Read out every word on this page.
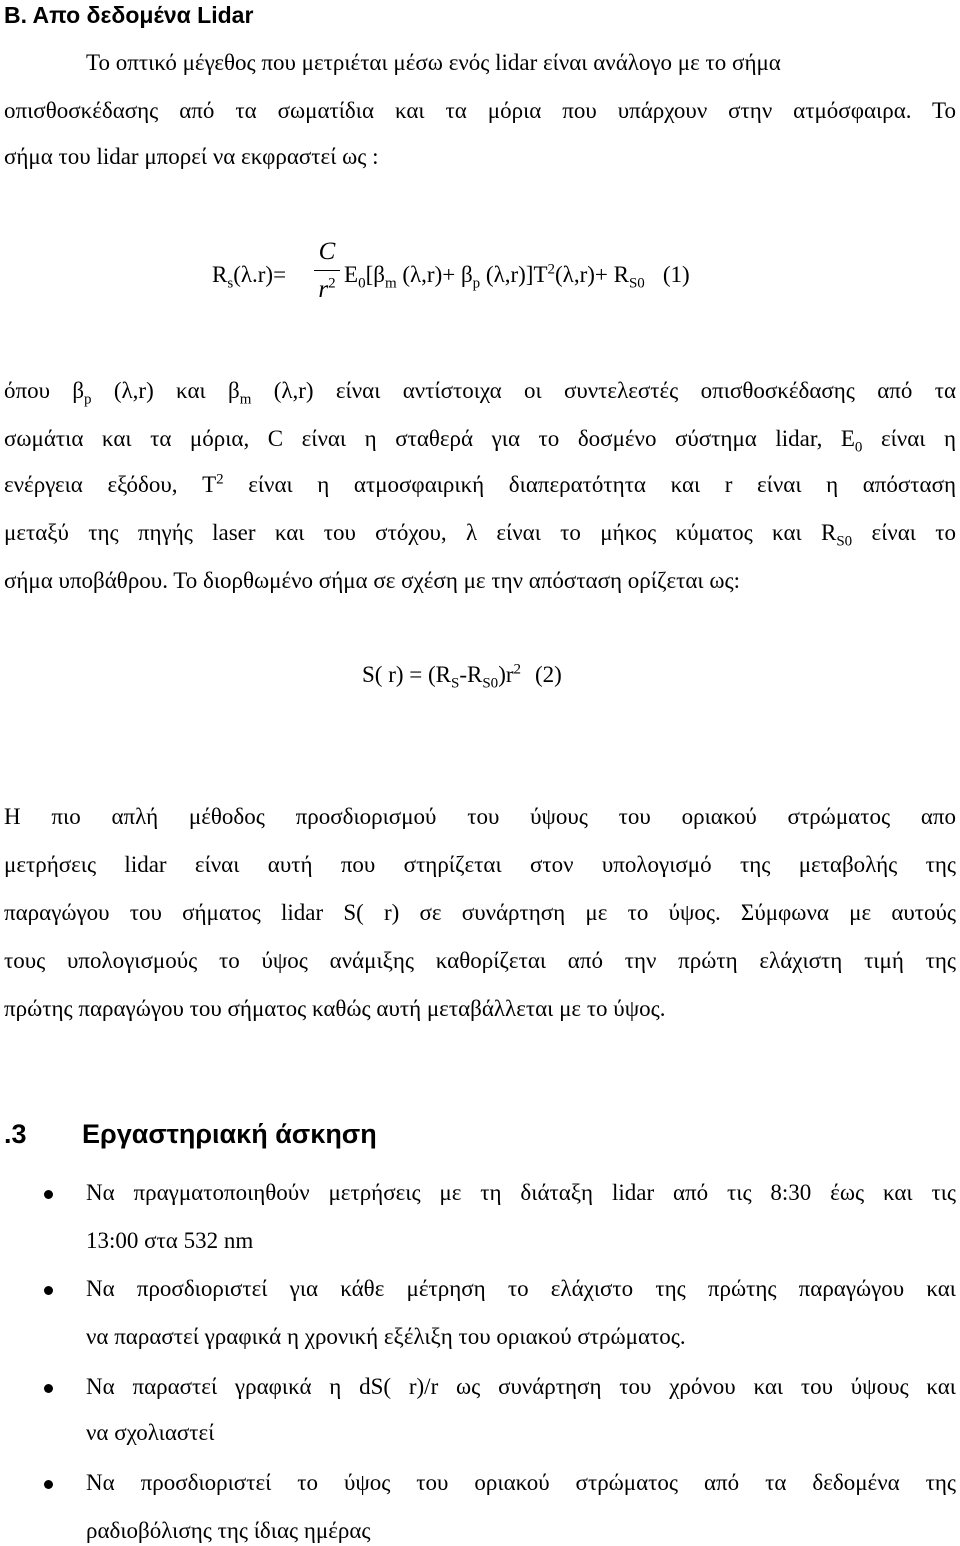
Β. Απο δεδομένα Lidar
Το οπτικό μέγεθος που μετριέται μέσω ενός lidar είναι ανάλογο με το σήμα
οπισθοσκέδασης από τα σωματίδια και τα μόρια που υπάρχουν στην ατμόσφαιρα. Το
σήμα του lidar μπορεί να εκφραστεί ως :
$R_s(\lambda.r)=$
C
$r^2$ $E_0[\beta_m$ $(\lambda,r)+ \beta_p$ $(\lambda,r)]T^2(\lambda,r)+ R_{S0}$ (1)
όπου $\beta_p$ (λ,r) και $\beta_m$ (λ,r) είναι αντίστοιχα οι συντελεστές οπισθοσκέδασης από τα
σωμάτια και τα μόρια, C είναι η σταθερά για το δοσμένο σύστημα lidar, $E_0$ είναι η
ενέργεια εξόδου, $T^2$ είναι η ατμοσφαιρική διαπερατότητα και r είναι η απόσταση
μεταξύ της πηγής laser και του στόχου, λ είναι το μήκος κύματος και $R_{S0}$ είναι το
σήμα υποβάθρου. Το διορθωμένο σήμα σε σχέση με την απόσταση ορίζεται ως:
S( $r) = (R_S-R_{S0})r^2$ (2)
Η πιο απλή μέθοδος προσδιορισμού του ύψους του οριακού στρώματος απο
μετρήσεις lidar είναι αυτή που στηρίζεται στον υπολογισμό της μεταβολής της
παραγώγου του σήματος lidar S( r) σε συνάρτηση με το ύψος. Σύμφωνα με αυτούς
τους υπολογισμούς το ύψος ανάμιξης καθορίζεται από την πρώτη ελάχιστη τιμή της
πρώτης παραγώγου του σήματος καθώς αυτή μεταβάλλεται με το ύψος.
.3 Εργαστηριακή άσκηση
Να πραγματοποιηθούν μετρήσεις με τη διάταξη lidar από τις 8:30 έως και τις
13:00 στα 532 nm
Να προσδιοριστεί για κάθε μέτρηση το ελάχιστο της πρώτης παραγώγου και
να παραστεί γραφικά η χρονική εξέλιξη του οριακού στρώματος.
Να παραστεί γραφικά η dS( r)/r ως συνάρτηση του χρόνου και του ύψους και
να σχολιαστεί
Να προσδιοριστεί το ύψος του οριακού στρώματος από τα δεδομένα της
ραδιοβόλισης της ίδιας ημέρας
